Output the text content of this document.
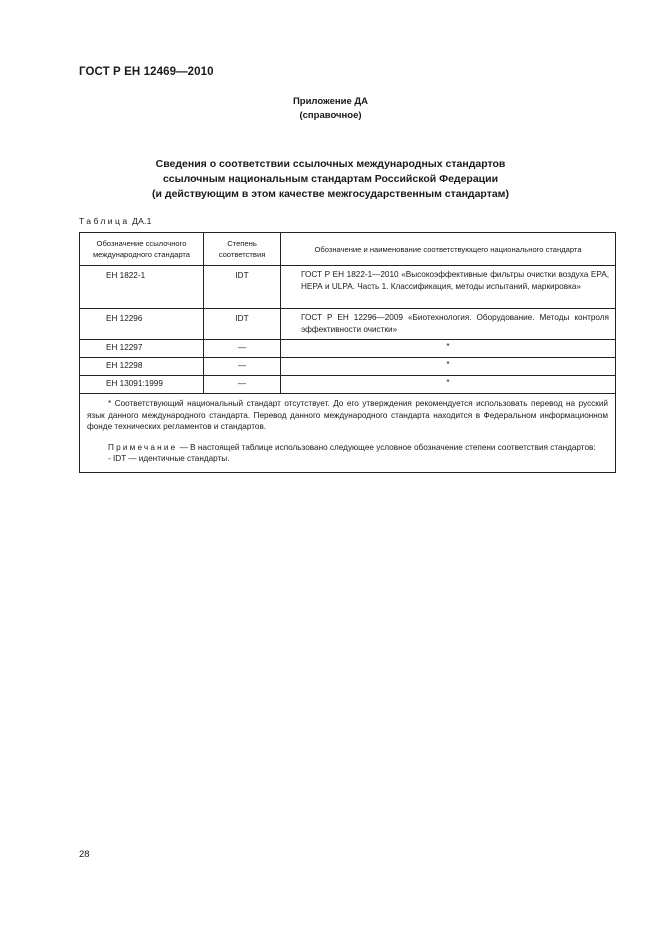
ГОСТ Р ЕН 12469—2010
Приложение ДА
(справочное)
Сведения о соответствии ссылочных международных стандартов
ссылочным национальным стандартам Российской Федерации
(и действующим в этом качестве межгосударственным стандартам)
Таблица ДА.1
Обозначение ссылочного международного стандарта	Степень соответствия	Обозначение и наименование соответствующего национального стандарта
ЕН 1822-1	IDT	ГОСТ Р ЕН 1822-1—2010 «Высокоэффективные фильтры очистки воздуха ЕРА, НЕРА и ULPA. Часть 1. Классификация, методы испытаний, маркировка»

ЕН 12296	IDT	ГОСТ Р ЕН 12296—2009 «Биотехнология. Оборудование. Методы контроля эффективности очистки»

ЕН 12297	—	*
ЕН 12298	—	*
ЕН 13091:1999	—	*

* Соответствующий национальный стандарт отсутствует. До его утверждения рекомендуется использовать перевод на русский язык данного международного стандарта. Перевод данного международного стандарта находится в Федеральном информационном фонде технических регламентов и стандартов.

Примечание — В настоящей таблице использовано следующее условное обозначение степени соответствия стандартов:

- IDT — идентичные стандарты.		

28
